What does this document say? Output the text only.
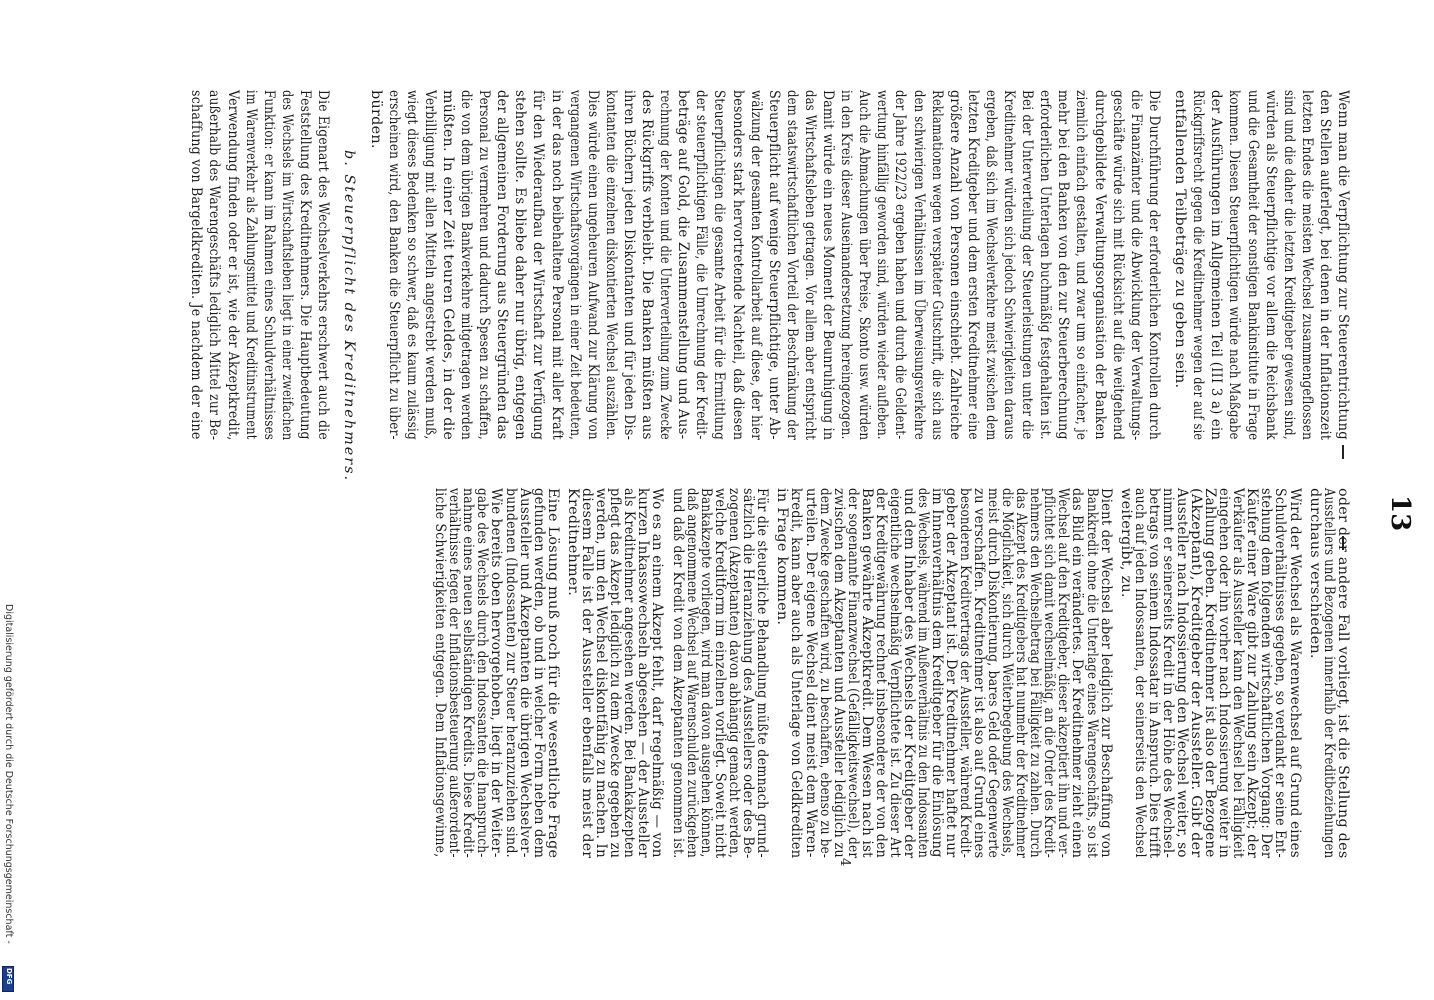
13
Wenn man die Verpflichtung zur Steuerentrichtung
den Stellen auferlegt, bei denen in der Inflationszeit
letzten Endes die meisten Wechsel zusammengeflossen
sind und die daher die letzten Kreditgeber gewesen sind,
würden als Steuerpflichtige vor allem die Reichsbank
und die Gesamtheit der sonstigen Bankinstitute in Frage
kommen. Diesen Steuerpflichtigen würde nach Maßgabe
der Ausführungen im Allgemeinen Teil (III 3 a) ein
Rückgriffsrecht gegen die Kreditnehmer wegen der auf sie
entfallenden Teilbeträge zu geben sein.
Die Durchführung der erforderlichen Kontrollen durch
die Finanzämter und die Abwicklung der Verwaltungs-
geschäfte würde sich mit Rücksicht auf die weitgehend
durchgebildete Verwaltungsorganisation der Banken
ziemlich einfach gestalten, und zwar um so einfacher, je
mehr bei den Banken von den zur Steuerberechnung
erforderlichen Unterlagen buchmäßig festgehalten ist.
Bei der Unterverteilung der Steuerleistungen unter die
Kreditnehmer würden sich jedoch Schwierigkeiten daraus
ergeben, daß sich im Wechselverkehre meist zwischen dem
letzten Kreditgeber und dem ersten Kreditnehmer eine
größere Anzahl von Personen einschiebt. Zahlreiche
Reklamationen wegen verspäteter Gutschrift, die sich aus
den schwierigen Verhältnissen im Überweisungsverkehre
der Jahre 1922/23 ergeben haben und durch die Geldent-
wertung hinfällig geworden sind, würden wieder aufleben.
Auch die Abmachungen über Preise, Skonto usw. würden
in den Kreis dieser Auseinandersetzung hereingezogen.
Damit würde ein neues Moment der Beunruhigung in
das Wirtschaftsleben getragen. Vor allem aber entspricht
dem staatswirtschaftlichen Vorteil der Beschränkung der
Steuerpflicht auf wenige Steuerpflichtige, unter Ab-
wälzung der gesamten Kontrollarbeit auf diese, der hier
besonders stark hervortretende Nachteil, daß diesen
Steuerpflichtigen die gesamte Arbeit für die Ermittlung
der steuerpflichtigen Fälle, die Umrechnung der Kredit-
beträge auf Gold, die Zusammenstellung und Aus-
rechnung der Konten und die Unterverteilung zum Zwecke
des Rückgriffs verbleibt. Die Banken müßten aus
ihren Büchern jeden Diskontanten und für jeden Dis-
kontanten die einzelnen diskontierten Wechsel auszählen.
Dies würde einen ungeheuren Aufwand zur Klärung von
vergangenen Wirtschaftsvorgängen in einer Zeit bedeuten,
in der das noch beibehaltene Personal mit aller Kraft
für den Wiederaufbau der Wirtschaft zur Verfügung
stehen sollte. Es bliebe daher nur übrig, entgegen
der allgemeinen Forderung aus Steuergründen das
Personal zu vermehren und dadurch Spesen zu schaffen,
die von dem übrigen Bankverkehre mitgetragen werden
müßten. In einer Zeit teuren Geldes, in der die
Verbilligung mit allen Mitteln angestrebt werden muß,
wiegt dieses Bedenken so schwer, daß es kaum zulässig
erscheinen wird, den Banken die Steuerpflicht zu über-
bürden.
b. Steuerpflicht des Kreditnehmers.
Die Eigenart des Wechselverkehrs erschwert auch die
Feststellung des Kreditnehmers. Die Hauptbedeutung
des Wechsels im Wirtschaftsleben liegt in einer zweifachen
Funktion: er kann im Rahmen eines Schuldverhältnisses
im Warenverkehr als Zahlungsmittel und Kreditinstrument
Verwendung finden oder er ist, wie der Akzeptkredit,
außerhalb des Warengeschäfts lediglich Mittel zur Be-
schaffung von Bargeldkrediten. Je nachdem der eine
oder der andere Fall vorliegt, ist die Stellung des
Ausstellers und Bezogenen innerhalb der Kreditbeziehungen
durchaus verschieden.
Wird der Wechsel als Warenwechsel auf Grund eines
Schuldverhältnisses gegeben, so verdankt er seine Ent-
stehung dem folgenden wirtschaftlichen Vorgang: Der
Käufer einer Ware gibt zur Zahlung sein Akzept; der
Verkäufer als Aussteller kann den Wechsel bei Fälligkeit
eingehen oder ihn vorher nach Indossierung weiter in
Zahlung geben. Kreditnehmer ist also der Bezogene
(Akzeptant), Kreditgeber der Aussteller. Gibt der
Aussteller nach Indossierung den Wechsel weiter, so
nimmt er seinerseits Kredit in der Höhe des Wechsel-
betrags von seinem Indossatar in Anspruch. Dies trifft
auch auf jeden Indossanten, der seinerseits den Wechsel
weitergibt, zu.
Dient der Wechsel aber lediglich zur Beschaffung von
Bankkredit ohne die Unterlage eines Warengeschäfts, so ist
das Bild ein verändertes. Der Kreditnehmer zieht einen
Wechsel auf den Kreditgeber, dieser akzeptiert ihn und ver-
pflichtet sich damit wechselmäßig, an die Order des Kredit-
nehmers den Wechselbetrag bei Fälligkeit zu zahlen. Durch
das Akzept des Kreditgebers hat nunmehr der Kreditnehmer
die Möglichkeit, sich durch Weiterbegebung des Wechsels,
meist durch Diskontierung, bares Geld oder Gegenwerte
zu verschaffen. Kreditnehmer ist also auf Grund eines
besonderen Kreditvertrags der Aussteller, während Kredit-
geber der Akzeptant ist. Der Kreditnehmer haftet nur
im Innenverhältnis dem Kreditgeber für die Einlösung
des Wechsels, während im Außenverhältnis zu den Indossanten
und dem Inhaber des Wechsels der Kreditgeber der
eigentliche wechselmäßig Verpflichtete ist. Zu dieser Art
der Kreditgewährung rechnet insbesondere der von den
Banken gewährte Akzeptkredit. Dem Wesen nach ist
der sogenannte Finanzwechsel (Gefälligkeitswechsel), der
zwischen dem Akzeptanten und Aussteller lediglich zu
dem Zwecke geschaffen wird, zu beschaffen, ebenso zu be-
urteilen. Der eigene Wechsel dient meist dem Waren-
kredit, kann aber auch als Unterlage von Geldkrediten
in Frage kommen.
Für die steuerliche Behandlung müßte demnach grund-
sätzlich die Heranziehung des Ausstellers oder des Be-
zogenen (Akzeptanten) davon abhängig gemacht werden,
welche Kreditform im einzelnen vorliegt. Soweit nicht
Bankakzepte vorliegen, wird man davon ausgehen können,
daß angenommene Wechsel auf Warenschulden zurückgehen
und daß der Kredit von dem Akzeptanten genommen ist.
Wo es an einem Akzept fehlt, darf regelmäßig — von
kurzen Inkassowechseln abgesehen — der Aussteller
als Kreditnehmer angesehen werden. Bei Bankakzepten
pflegt das Akzept lediglich zu dem Zwecke gegeben zu
werden, um den Wechsel diskontfähig zu machen. In
diesem Falle ist der Aussteller ebenfalls meist der
Kreditnehmer.
Eine Lösung muß noch für die wesentliche Frage
gefunden werden, ob und in welcher Form neben dem
Aussteller und Akzeptanten die übrigen Wechselver-
bundenen (Indossanten) zur Steuer heranzuziehen sind.
Wie bereits oben hervorgehoben, liegt in der Weiter-
gabe des Wechsels durch den Indossanten die Inanspruch-
nahme eines neuen selbständigen Kredits. Diese Kredit-
verhältnisse fegen der Inflationsbesteuerung außerordent-
liche Schwierigkeiten entgegen. Dem Inflationsgewinne,
4
Digitalisierung gefördert durch die Deutsche Forschungsgemeinschaft -
DFG
